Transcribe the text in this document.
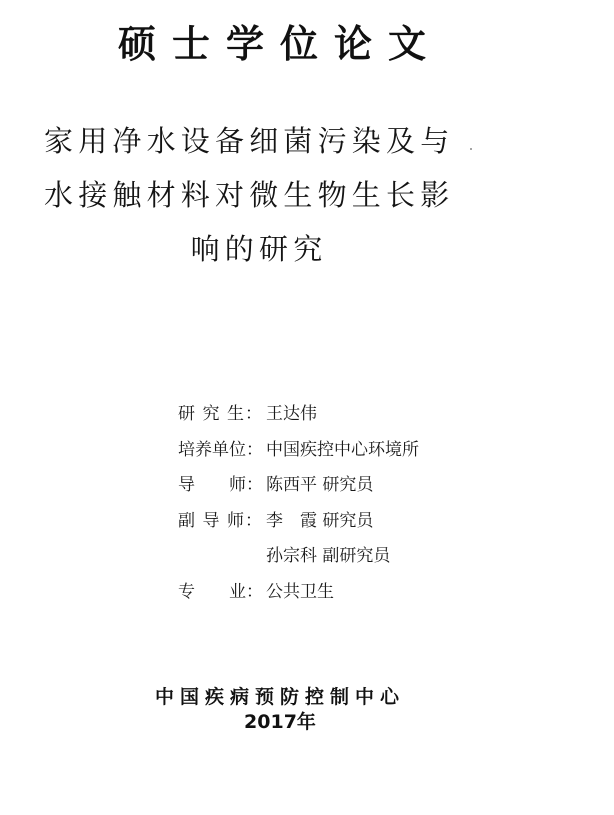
硕士学位论文
家用净水设备细菌污染及与
水接触材料对微生物生长影
响的研究
研 究 生： 王达伟
培养单位： 中国疾控中心环境所
导　　师： 陈西平 研究员
副 导 师： 李　霞 研究员
孙宗科 副研究员
专　　业： 公共卫生
中国疾病预防控制中心
2017年
